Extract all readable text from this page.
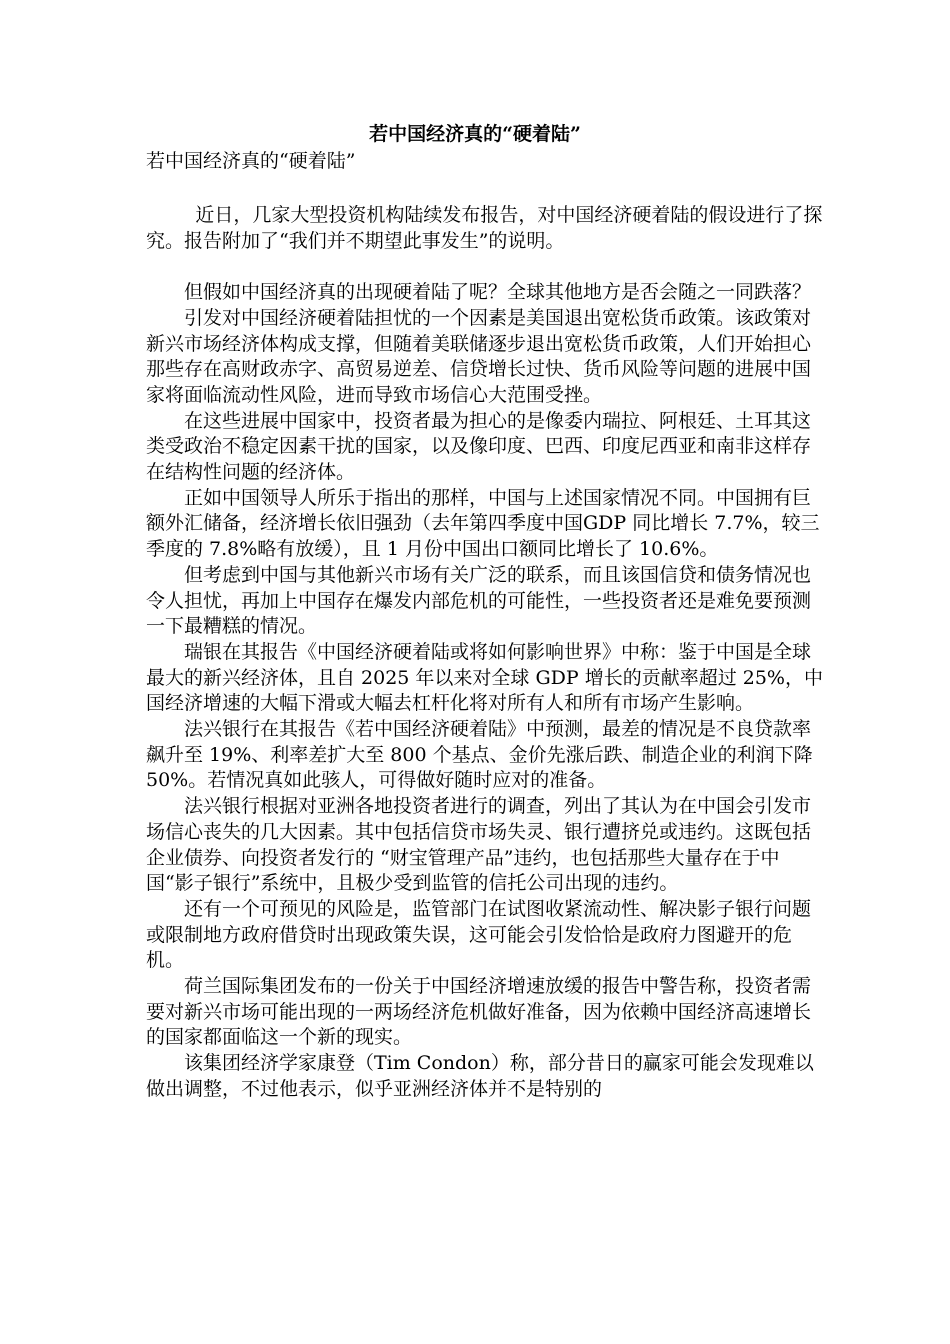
若中国经济真的“硬着陆”
若中国经济真的“硬着陆”

近日，几家大型投资机构陆续发布报告，对中国经济硬着陆的假设进行了探究。报告附加了“我们并不期望此事发生”的说明。

但假如中国经济真的出现硬着陆了呢？全球其他地方是否会随之一同跌落？

引发对中国经济硬着陆担忧的一个因素是美国退出宽松货币政策。该政策对新兴市场经济体构成支撑，但随着美联储逐步退出宽松货币政策，人们开始担心那些存在高财政赤字、高贸易逆差、信贷增长过快、货币风险等问题的进展中国家将面临流动性风险，进而导致市场信心大范围受挫。

在这些进展中国家中，投资者最为担心的是像委内瑞拉、阿根廷、土耳其这类受政治不稳定因素干扰的国家，以及像印度、巴西、印度尼西亚和南非这样存在结构性问题的经济体。

正如中国领导人所乐于指出的那样，中国与上述国家情况不同。中国拥有巨额外汇储备，经济增长依旧强劲（去年第四季度中国GDP 同比增长 7.7%，较三季度的 7.8%略有放缓），且 1 月份中国出口额同比增长了 10.6%。

但考虑到中国与其他新兴市场有关广泛的联系，而且该国信贷和债务情况也令人担忧，再加上中国存在爆发内部危机的可能性，一些投资者还是难免要预测一下最糟糕的情况。

瑞银在其报告《中国经济硬着陆或将如何影响世界》中称：鉴于中国是全球最大的新兴经济体，且自 2025 年以来对全球 GDP 增长的贡献率超过 25%，中国经济增速的大幅下滑或大幅去杠杆化将对所有人和所有市场产生影响。

法兴银行在其报告《若中国经济硬着陆》中预测，最差的情况是不良贷款率飙升至 19%、利率差扩大至 800 个基点、金价先涨后跌、制造企业的利润下降 50%。若情况真如此骇人，可得做好随时应对的准备。

法兴银行根据对亚洲各地投资者进行的调查，列出了其认为在中国会引发市场信心丧失的几大因素。其中包括信贷市场失灵、银行遭挤兑或违约。这既包括企业债券、向投资者发行的 “财宝管理产品”违约，也包括那些大量存在于中国“影子银行”系统中，且极少受到监管的信托公司出现的违约。

还有一个可预见的风险是，监管部门在试图收紧流动性、解决影子银行问题或限制地方政府借贷时出现政策失误，这可能会引发恰恰是政府力图避开的危机。

荷兰国际集团发布的一份关于中国经济增速放缓的报告中警告称，投资者需要对新兴市场可能出现的一两场经济危机做好准备，因为依赖中国经济高速增长的国家都面临这一个新的现实。

该集团经济学家康登（Tim Condon）称，部分昔日的赢家可能会发现难以做出调整，不过他表示，似乎亚洲经济体并不是特别的
